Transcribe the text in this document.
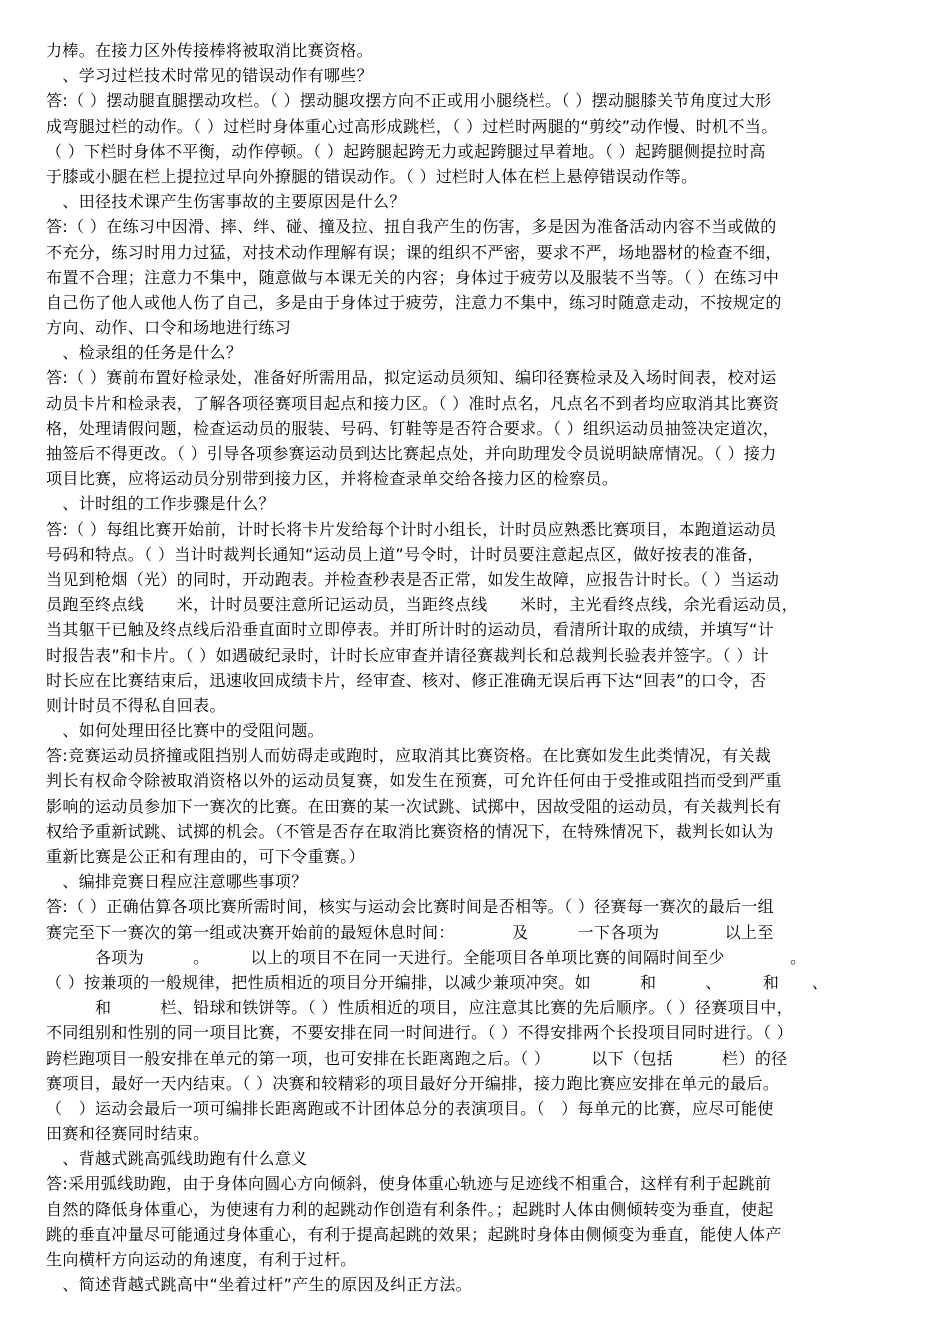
力棒。在接力区外传接棒将被取消比赛资格。
　、学习过栏技术时常见的错误动作有哪些？
答:（ ）摆动腿直腿摆动攻栏。（ ）摆动腿攻摆方向不正或用小腿绕栏。（ ）摆动腿膝关节角度过大形
成弯腿过栏的动作。（ ）过栏时身体重心过高形成跳栏，（ ）过栏时两腿的“剪绞”动作慢、时机不当。
（ ）下栏时身体不平衡，动作停顿。（ ）起跨腿起跨无力或起跨腿过早着地。（ ）起跨腿侧提拉时高
于膝或小腿在栏上提拉过早向外撩腿的错误动作。（ ）过栏时人体在栏上悬停错误动作等。
　、田径技术课产生伤害事故的主要原因是什么？
答:（ ）在练习中因滑、摔、绊、碰、撞及拉、扭自我产生的伤害，多是因为准备活动内容不当或做的
不充分，练习时用力过猛，对技术动作理解有误；课的组织不严密，要求不严，场地器材的检查不细，
布置不合理；注意力不集中，随意做与本课无关的内容；身体过于疲劳以及服装不当等。（ ）在练习中
自己伤了他人或他人伤了自己，多是由于身体过于疲劳，注意力不集中，练习时随意走动，不按规定的
方向、动作、口令和场地进行练习
　、检录组的任务是什么？
答:（ ）赛前布置好检录处，准备好所需用品，拟定运动员须知、编印径赛检录及入场时间表，校对运
动员卡片和检录表，了解各项径赛项目起点和接力区。（ ）准时点名，凡点名不到者均应取消其比赛资
格，处理请假问题，检查运动员的服装、号码、钉鞋等是否符合要求。（ ）组织运动员抽签决定道次，
抽签后不得更改。（ ）引导各项参赛运动员到达比赛起点处，并向助理发令员说明缺席情况。（ ）接力
项目比赛，应将运动员分别带到接力区，并将检查录单交给各接力区的检察员。
　、计时组的工作步骤是什么？
答:（ ）每组比赛开始前，计时长将卡片发给每个计时小组长，计时员应熟悉比赛项目，本跑道运动员
号码和特点。（ ）当计时裁判长通知“运动员上道”号令时，计时员要注意起点区，做好按表的准备，
当见到枪烟（光）的同时，开动跑表。并检查秒表是否正常，如发生故障，应报告计时长。（ ）当运动
员跑至终点线　　米，计时员要注意所记运动员，当距终点线　　米时，主光看终点线，余光看运动员，
当其躯干已触及终点线后沿垂直面时立即停表。并盯所计时的运动员，看清所计取的成绩，并填写“计
时报告表”和卡片。（ ）如遇破纪录时，计时长应审查并请径赛裁判长和总裁判长验表并签字。（ ）计
时长应在比赛结束后，迅速收回成绩卡片，经审查、核对、修正准确无误后再下达“回表”的口令，否
则计时员不得私自回表。
　、如何处理田径比赛中的受阻问题。
答:竞赛运动员挤撞或阻挡别人而妨碍走或跑时，应取消其比赛资格。在比赛如发生此类情况，有关裁
判长有权命令除被取消资格以外的运动员复赛，如发生在预赛，可允许任何由于受推或阻挡而受到严重
影响的运动员参加下一赛次的比赛。在田赛的某一次试跳、试掷中，因故受阻的运动员，有关裁判长有
权给予重新试跳、试掷的机会。（不管是否存在取消比赛资格的情况下，在特殊情况下，裁判长如认为
重新比赛是公正和有理由的，可下令重赛。）
　、编排竞赛日程应注意哪些事项？
答:（ ）正确估算各项比赛所需时间，核实与运动会比赛时间是否相等。（ ）径赛每一赛次的最后一组
赛完至下一赛次的第一组或决赛开始前的最短休息时间：　　　　及　　　一下各项为　　　　以上至
　　　各项为　　　。　　　以上的项目不在同一天进行。全能项目各单项比赛的间隔时间至少　　　　。
（ ）按兼项的一般规律，把性质相近的项目分开编排，以减少兼项冲突。如　　　和　　　、　　　和　　、
　　　和　　　栏、铅球和铁饼等。（ ）性质相近的项目，应注意其比赛的先后顺序。（ ）径赛项目中，
不同组别和性别的同一项目比赛，不要安排在同一时间进行。（ ）不得安排两个长投项目同时进行。（ ）
跨栏跑项目一般安排在单元的第一项，也可安排在长距离跑之后。（ ）　　　以下（包括　　　栏）的径
赛项目，最好一天内结束。（ ）决赛和较精彩的项目最好分开编排，接力跑比赛应安排在单元的最后。
（　）运动会最后一项可编排长距离跑或不计团体总分的表演项目。（　）每单元的比赛，应尽可能使
田赛和径赛同时结束。
　、背越式跳高弧线助跑有什么意义
答:采用弧线助跑，由于身体向圆心方向倾斜，使身体重心轨迹与足迹线不相重合，这样有利于起跳前
自然的降低身体重心，为使速有力利的起跳动作创造有利条件。；起跳时人体由侧倾转变为垂直，使起
跳的垂直冲量尽可能通过身体重心，有利于提高起跳的效果；起跳时身体由侧倾变为垂直，能使人体产
生向横杆方向运动的角速度，有利于过杆。
　、简述背越式跳高中“坐着过杆”产生的原因及纠正方法。
